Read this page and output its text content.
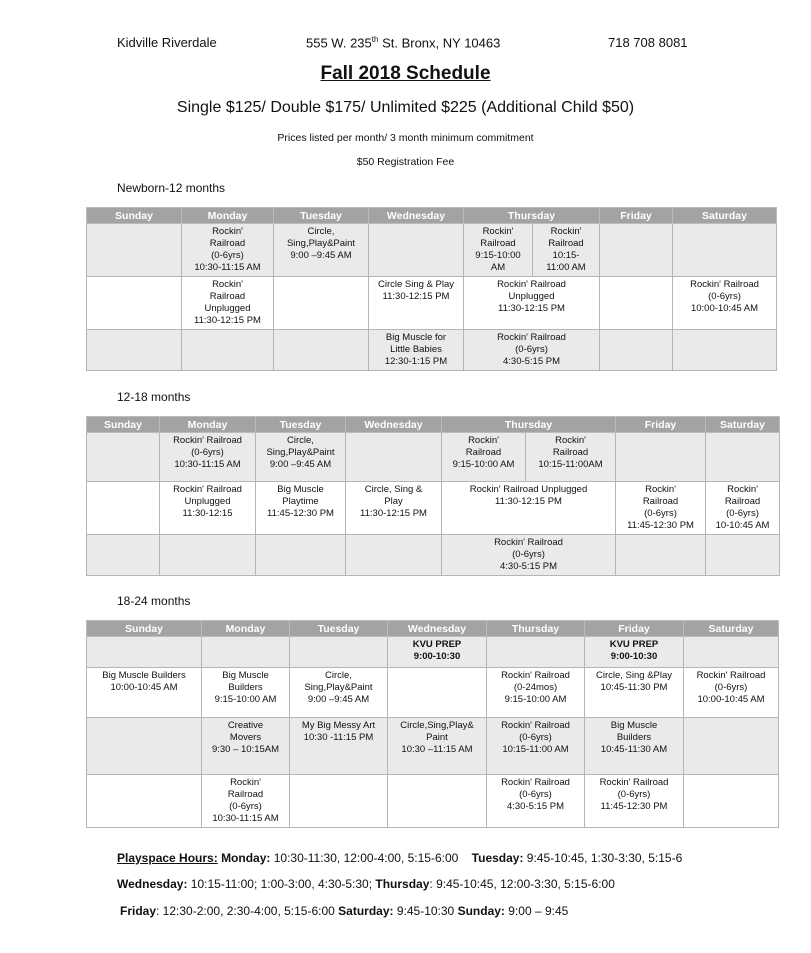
Kidville Riverdale	555 W. 235th St. Bronx, NY 10463	718 708 8081
Fall 2018 Schedule
Single $125/ Double $175/ Unlimited $225 (Additional Child $50)
Prices listed per month/ 3 month minimum commitment
$50 Registration Fee
Newborn-12 months
Sunday	Monday	Tuesday	Wednesday	Thursday		Friday	Saturday

	Rockin'
Railroad
(0-6yrs)
10:30-11:15 AM	Circle,
Sing,Play&Paint
9:00 –9:45 AM		Rockin'
Railroad
9:15-10:00
AM	Rockin'
Railroad
10:15-
11:00 AM		

	Rockin'
Railroad
Unplugged
11:30-12:15 PM		Circle Sing & Play
11:30-12:15 PM	Rockin' Railroad
Unplugged
11:30-12:15 PM			Rockin' Railroad
(0-6yrs)
10:00-10:45 AM

			Big Muscle for
Little Babies
12:30-1:15 PM	Rockin' Railroad
(0-6yrs)
4:30-5:15 PM			

12-18 months
Sunday	Monday	Tuesday	Wednesday	Thursday		Friday	Saturday

	Rockin' Railroad
(0-6yrs)
10:30-11:15 AM	Circle,
Sing,Play&Paint
9:00 –9:45 AM		Rockin'
Railroad
9:15-10:00 AM	Rockin'
Railroad
10:15-11:00AM		

	Rockin' Railroad
Unplugged
11:30-12:15	Big Muscle
Playtime
11:45-12:30 PM	Circle, Sing &
Play
11:30-12:15 PM	Rockin' Railroad Unplugged
11:30-12:15 PM		Rockin'
Railroad
(0-6yrs)
11:45-12:30 PM	Rockin'
Railroad
(0-6yrs)
10-10:45 AM

				Rockin' Railroad
(0-6yrs)
4:30-5:15 PM			

18-24 months
Sunday	Monday	Tuesday	Wednesday	Thursday	Friday	Saturday

			KVU PREP
9:00-10:30		KVU PREP
9:00-10:30	

Big Muscle Builders
10:00-10:45 AM	Big Muscle
Builders
9:15-10:00 AM	Circle,
Sing,Play&Paint
9:00 –9:45 AM		Rockin' Railroad
(0-24mos)
9:15-10:00 AM	Circle, Sing &Play
10:45-11:30 PM	Rockin' Railroad
(0-6yrs)
10:00-10:45 AM

	Creative
Movers
9:30 – 10:15AM	My Big Messy Art
10:30 -11:15 PM	Circle,Sing,Play&
Paint
10:30 –11:15 AM	Rockin' Railroad
(0-6yrs)
10:15-11:00 AM	Big Muscle
Builders
10:45-11:30 AM	

	Rockin'
Railroad
(0-6yrs)
10:30-11:15 AM			Rockin' Railroad
(0-6yrs)
4:30-5:15 PM	Rockin' Railroad
(0-6yrs)
11:45-12:30 PM	

Playspace Hours: Monday: 10:30-11:30, 12:00-4:00, 5:15-6:00 Tuesday: 9:45-10:45, 1:30-3:30, 5:15-6
Wednesday: 10:15-11:00; 1:00-3:00, 4:30-5:30; Thursday: 9:45-10:45, 12:00-3:30, 5:15-6:00
Friday: 12:30-2:00, 2:30-4:00, 5:15-6:00 Saturday: 9:45-10:30 Sunday: 9:00 – 9:45
